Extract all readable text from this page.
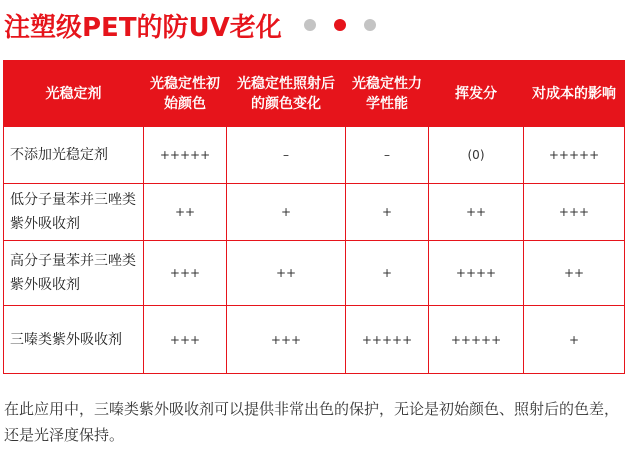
注塑级PET的防UV老化
光稳定剂	光稳定性初始颜色	光稳定性照射后的颜色变化	光稳定性力学性能	挥发分	对成本的影响
不添加光稳定剂	+++++	–	–	(0)	+++++
低分子量苯并三唑类紫外吸收剂	++	+	+	++	+++
高分子量苯并三唑类紫外吸收剂	+++	++	+	++++	++
三嗪类紫外吸收剂	+++	+++	+++++	+++++	+
在此应用中，三嗪类紫外吸收剂可以提供非常出色的保护，无论是初始颜色、照射后的色差，还是光泽度保持。
